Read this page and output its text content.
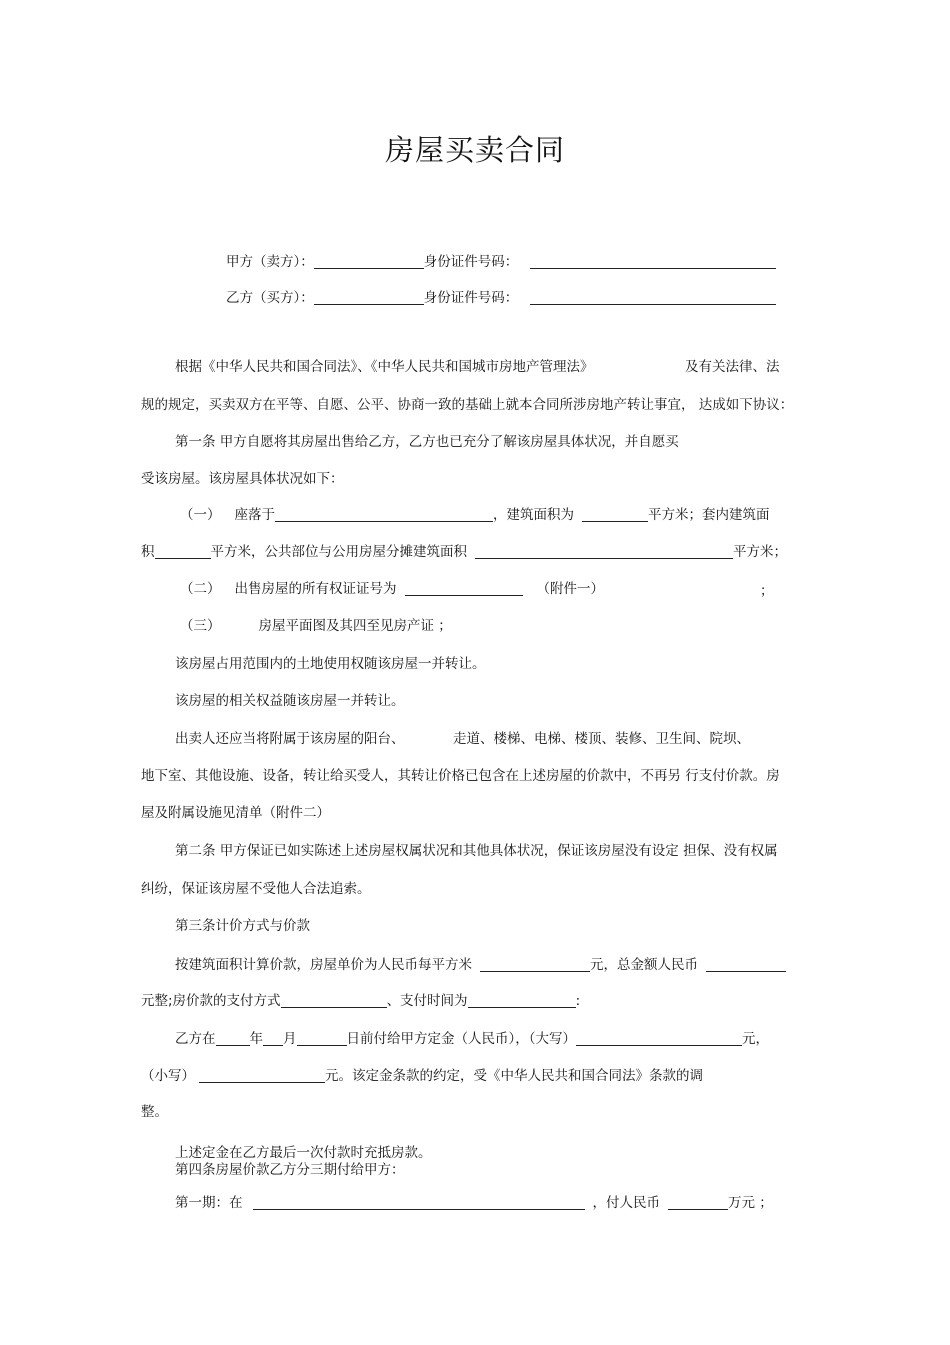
房屋买卖合同
甲方（卖方）：	身份证件号码：
乙方（买方）：	身份证件号码：
根据《中华人民共和国合同法》、《中华人民共和国城市房地产管理法》	及有关法律、法
规的规定，买卖双方在平等、自愿、公平、协商一致的基础上就本合同所涉房地产转让事宜， 达成如下协议：
第一条 甲方自愿将其房屋出售给乙方，乙方也已充分了解该房屋具体状况，并自愿买
受该房屋。该房屋具体状况如下：
（一） 座落于	，建筑面积为	平方米；套内建筑面
积	平方米，公共部位与公用房屋分摊建筑面积	平方米；
（二） 出售房屋的所有权证证号为	（附件一）	；
（三）	房屋平面图及其四至见房产证 ；
该房屋占用范围内的土地使用权随该房屋一并转让。
该房屋的相关权益随该房屋一并转让。
出卖人还应当将附属于该房屋的阳台、	走道、楼梯、电梯、楼顶、装修、卫生间、院坝、
地下室、其他设施、设备，转让给买受人，其转让价格已包含在上述房屋的价款中，不再另 行支付价款。房
屋及附属设施见清单（附件二）
第二条 甲方保证已如实陈述上述房屋权属状况和其他具体状况，保证该房屋没有设定 担保、没有权属
纠纷，保证该房屋不受他人合法追索。
第三条计价方式与价款
按建筑面积计算价款，房屋单价为人民币每平方米	元，总金额人民币
元整;房价款的支付方式	、支付时间为	:
乙方在	年 月	日前付给甲方定金（人民币），（大写）	元，
（小写）	元。该定金条款的约定，受《中华人民共和国合同法》条款的调
整。
上述定金在乙方最后一次付款时充抵房款。
第四条房屋价款乙方分三期付给甲方：
第一期：在	，付人民币	万元 ；
